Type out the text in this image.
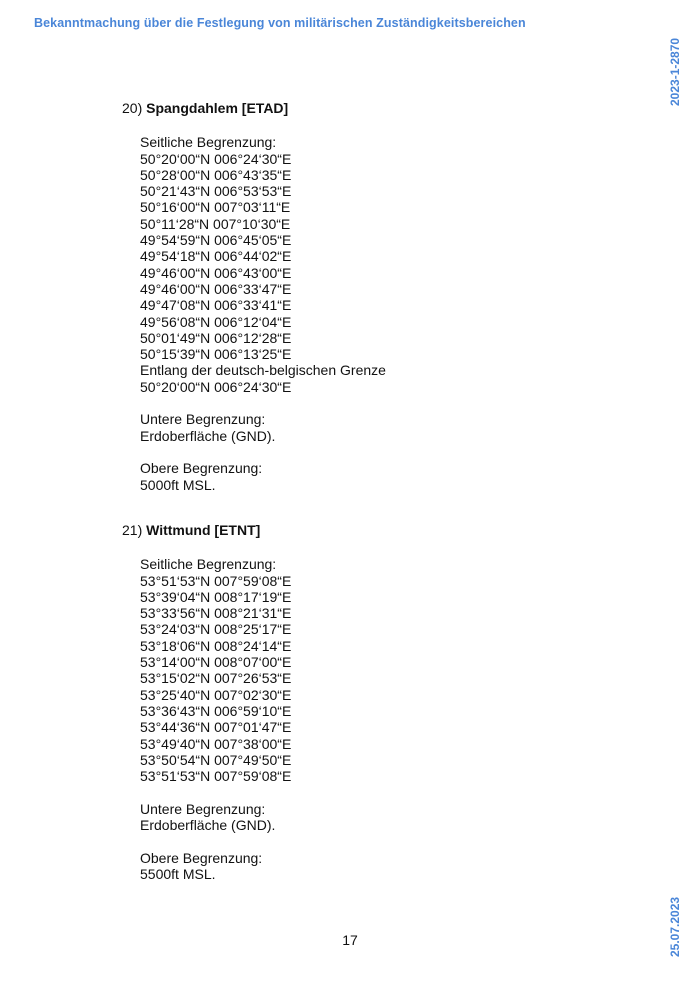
Bekanntmachung über die Festlegung von militärischen Zuständigkeitsbereichen
2023-1-2870
25.07.2023
20) Spangdahlem [ETAD]

Seitliche Begrenzung:

50°20‘00“N 006°24‘30“E

50°28‘00“N 006°43‘35“E

50°21‘43“N 006°53‘53“E

50°16‘00“N 007°03‘11“E

50°11‘28“N 007°10‘30“E

49°54‘59“N 006°45‘05“E

49°54‘18“N 006°44‘02“E

49°46‘00“N 006°43‘00“E

49°46‘00“N 006°33‘47“E

49°47‘08“N 006°33‘41“E

49°56‘08“N 006°12‘04“E

50°01‘49“N 006°12‘28“E

50°15‘39“N 006°13‘25“E

Entlang der deutsch-belgischen Grenze

50°20‘00“N 006°24‘30“E

Untere Begrenzung:

Erdoberfläche (GND).

Obere Begrenzung:

5000ft MSL.

21) Wittmund [ETNT]

Seitliche Begrenzung:

53°51‘53“N 007°59‘08“E

53°39‘04“N 008°17‘19“E

53°33‘56“N 008°21‘31“E

53°24‘03“N 008°25‘17“E

53°18‘06“N 008°24‘14“E

53°14‘00“N 008°07‘00“E

53°15‘02“N 007°26‘53“E

53°25‘40“N 007°02‘30“E

53°36‘43“N 006°59‘10“E

53°44‘36“N 007°01‘47“E

53°49‘40“N 007°38‘00“E

53°50‘54“N 007°49‘50“E

53°51‘53“N 007°59‘08“E

Untere Begrenzung:

Erdoberfläche (GND).

Obere Begrenzung:

5500ft MSL.

17
